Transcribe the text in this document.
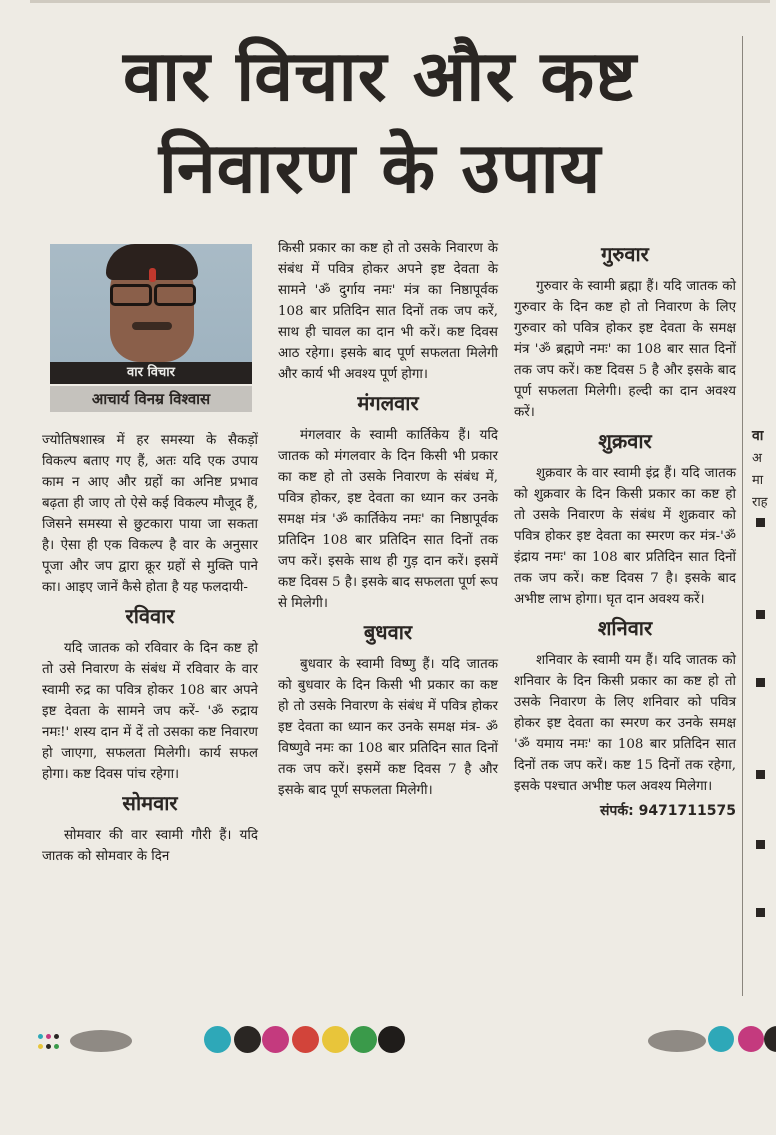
वार विचार और कष्ट
निवारण के उपाय
वार विचार
आचार्य विनम्र विश्वास

ज्योतिषशास्त्र में हर समस्या के सैकड़ों विकल्प बताए गए हैं, अतः यदि एक उपाय काम न आए और ग्रहों का अनिष्ट प्रभाव बढ़ता ही जाए तो ऐसे कई विकल्प मौजूद हैं, जिसने समस्या से छुटकारा पाया जा सकता है। ऐसा ही एक विकल्प है वार के अनुसार पूजा और जप द्वारा क्रूर ग्रहों से मुक्ति पाने का। आइए जानें कैसे होता है यह फलदायी-

रविवार

यदि जातक को रविवार के दिन कष्ट हो तो उसे निवारण के संबंध में रविवार के वार स्वामी रुद्र का पवित्र होकर 108 बार अपने इष्ट देवता के सामने जप करें- 'ॐ रुद्राय नमः!' शस्य दान में दें तो उसका कष्ट निवारण हो जाएगा, सफलता मिलेगी। कार्य सफल होगा। कष्ट दिवस पांच रहेगा।

सोमवार

सोमवार की वार स्वामी गौरी हैं। यदि जातक को सोमवार के दिन

किसी प्रकार का कष्ट हो तो उसके निवारण के संबंध में पवित्र होकर अपने इष्ट देवता के सामने 'ॐ दुर्गाय नमः' मंत्र का निष्ठापूर्वक 108 बार प्रतिदिन सात दिनों तक जप करें, साथ ही चावल का दान भी करें। कष्ट दिवस आठ रहेगा। इसके बाद पूर्ण सफलता मिलेगी और कार्य भी अवश्य पूर्ण होगा।

मंगलवार

मंगलवार के स्वामी कार्तिकेय हैं। यदि जातक को मंगलवार के दिन किसी भी प्रकार का कष्ट हो तो उसके निवारण के संबंध में, पवित्र होकर, इष्ट देवता का ध्यान कर उनके समक्ष मंत्र 'ॐ कार्तिकेय नमः' का निष्ठापूर्वक प्रतिदिन 108 बार प्रतिदिन सात दिनों तक जप करें। इसके साथ ही गुड़ दान करें। इसमें कष्ट दिवस 5 है। इसके बाद सफलता पूर्ण रूप से मिलेगी।

बुधवार

बुधवार के स्वामी विष्णु हैं। यदि जातक को बुधवार के दिन किसी भी प्रकार का कष्ट हो तो उसके निवारण के संबंध में पवित्र होकर इष्ट देवता का ध्यान कर उनके समक्ष मंत्र- ॐ विष्णुवे नमः का 108 बार प्रतिदिन सात दिनों तक जप करें। इसमें कष्ट दिवस 7 है और इसके बाद पूर्ण सफलता मिलेगी।

गुरुवार

गुरुवार के स्वामी ब्रह्मा हैं। यदि जातक को गुरुवार के दिन कष्ट हो तो निवारण के लिए गुरुवार को पवित्र होकर इष्ट देवता के समक्ष मंत्र 'ॐ ब्रह्मणे नमः' का 108 बार सात दिनों तक जप करें। कष्ट दिवस 5 है और इसके बाद पूर्ण सफलता मिलेगी। हल्दी का दान अवश्य करें।

शुक्रवार

शुक्रवार के वार स्वामी इंद्र हैं। यदि जातक को शुक्रवार के दिन किसी प्रकार का कष्ट हो तो उसके निवारण के संबंध में शुक्रवार को पवित्र होकर इष्ट देवता का स्मरण कर मंत्र-'ॐ इंद्राय नमः' का 108 बार प्रतिदिन सात दिनों तक जप करें। कष्ट दिवस 7 है। इसके बाद अभीष्ट लाभ होगा। घृत दान अवश्य करें।

शनिवार

शनिवार के स्वामी यम हैं। यदि जातक को शनिवार के दिन किसी प्रकार का कष्ट हो तो उसके निवारण के लिए शनिवार को पवित्र होकर इष्ट देवता का स्मरण कर उनके समक्ष 'ॐ यमाय नमः' का 108 बार प्रतिदिन सात दिनों तक जप करें। कष्ट 15 दिनों तक रहेगा, इसके पश्चात अभीष्ट फल अवश्य मिलेगा।

संपर्क: 9471711575
वा
अ
मा
राह
